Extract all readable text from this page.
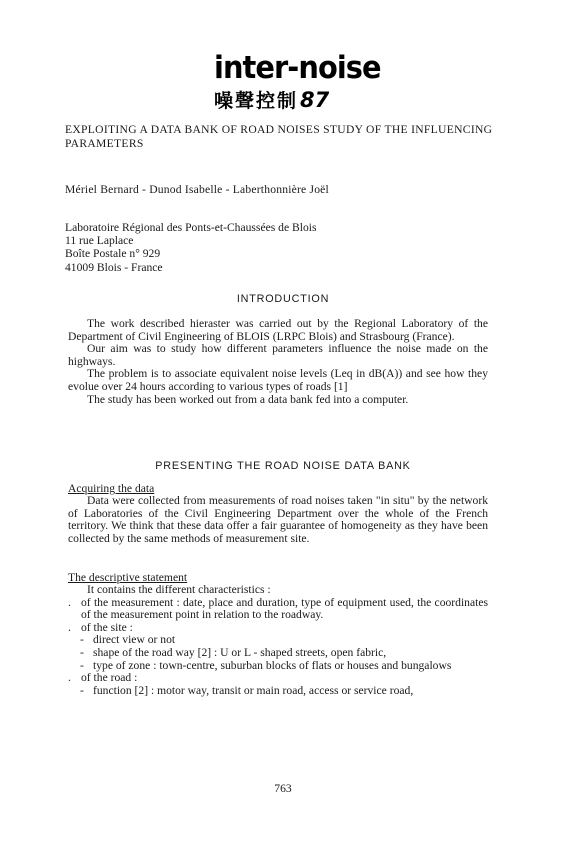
inter-noise
噪聲控制87
EXPLOITING A DATA BANK OF ROAD NOISES STUDY OF THE INFLUENCING PARAMETERS
Mériel Bernard - Dunod Isabelle - Laberthonnière Joël
Laboratoire Régional des Ponts-et-Chaussées de Blois
11 rue Laplace
Boîte Postale n° 929
41009 Blois - France
INTRODUCTION

The work described hieraster was carried out by the Regional Laboratory of the Department of Civil Engineering of BLOIS (LRPC Blois) and Strasbourg (France).

Our aim was to study how different parameters influence the noise made on the highways.

The problem is to associate equivalent noise levels (Leq in dB(A)) and see how they evolue over 24 hours according to various types of roads [1]

The study has been worked out from a data bank fed into a computer.

PRESENTING THE ROAD NOISE DATA BANK
Acquiring the data

Data were collected from measurements of road noises taken "in situ" by the network of Laboratories of the Civil Engineering Department over the whole of the French territory. We think that these data offer a fair guarantee of homogeneity as they have been collected by the same methods of measurement site.

The descriptive statement
It contains the different characteristics :
. of the measurement : date, place and duration, type of equipment used, the coordinates of the measurement point in relation to the roadway.
. of the site :
- direct view or not
- shape of the road way [2] : U or L - shaped streets, open fabric,
- type of zone : town-centre, suburban blocks of flats or houses and bungalows
. of the road :
- function [2] : motor way, transit or main road, access or service road,
763
